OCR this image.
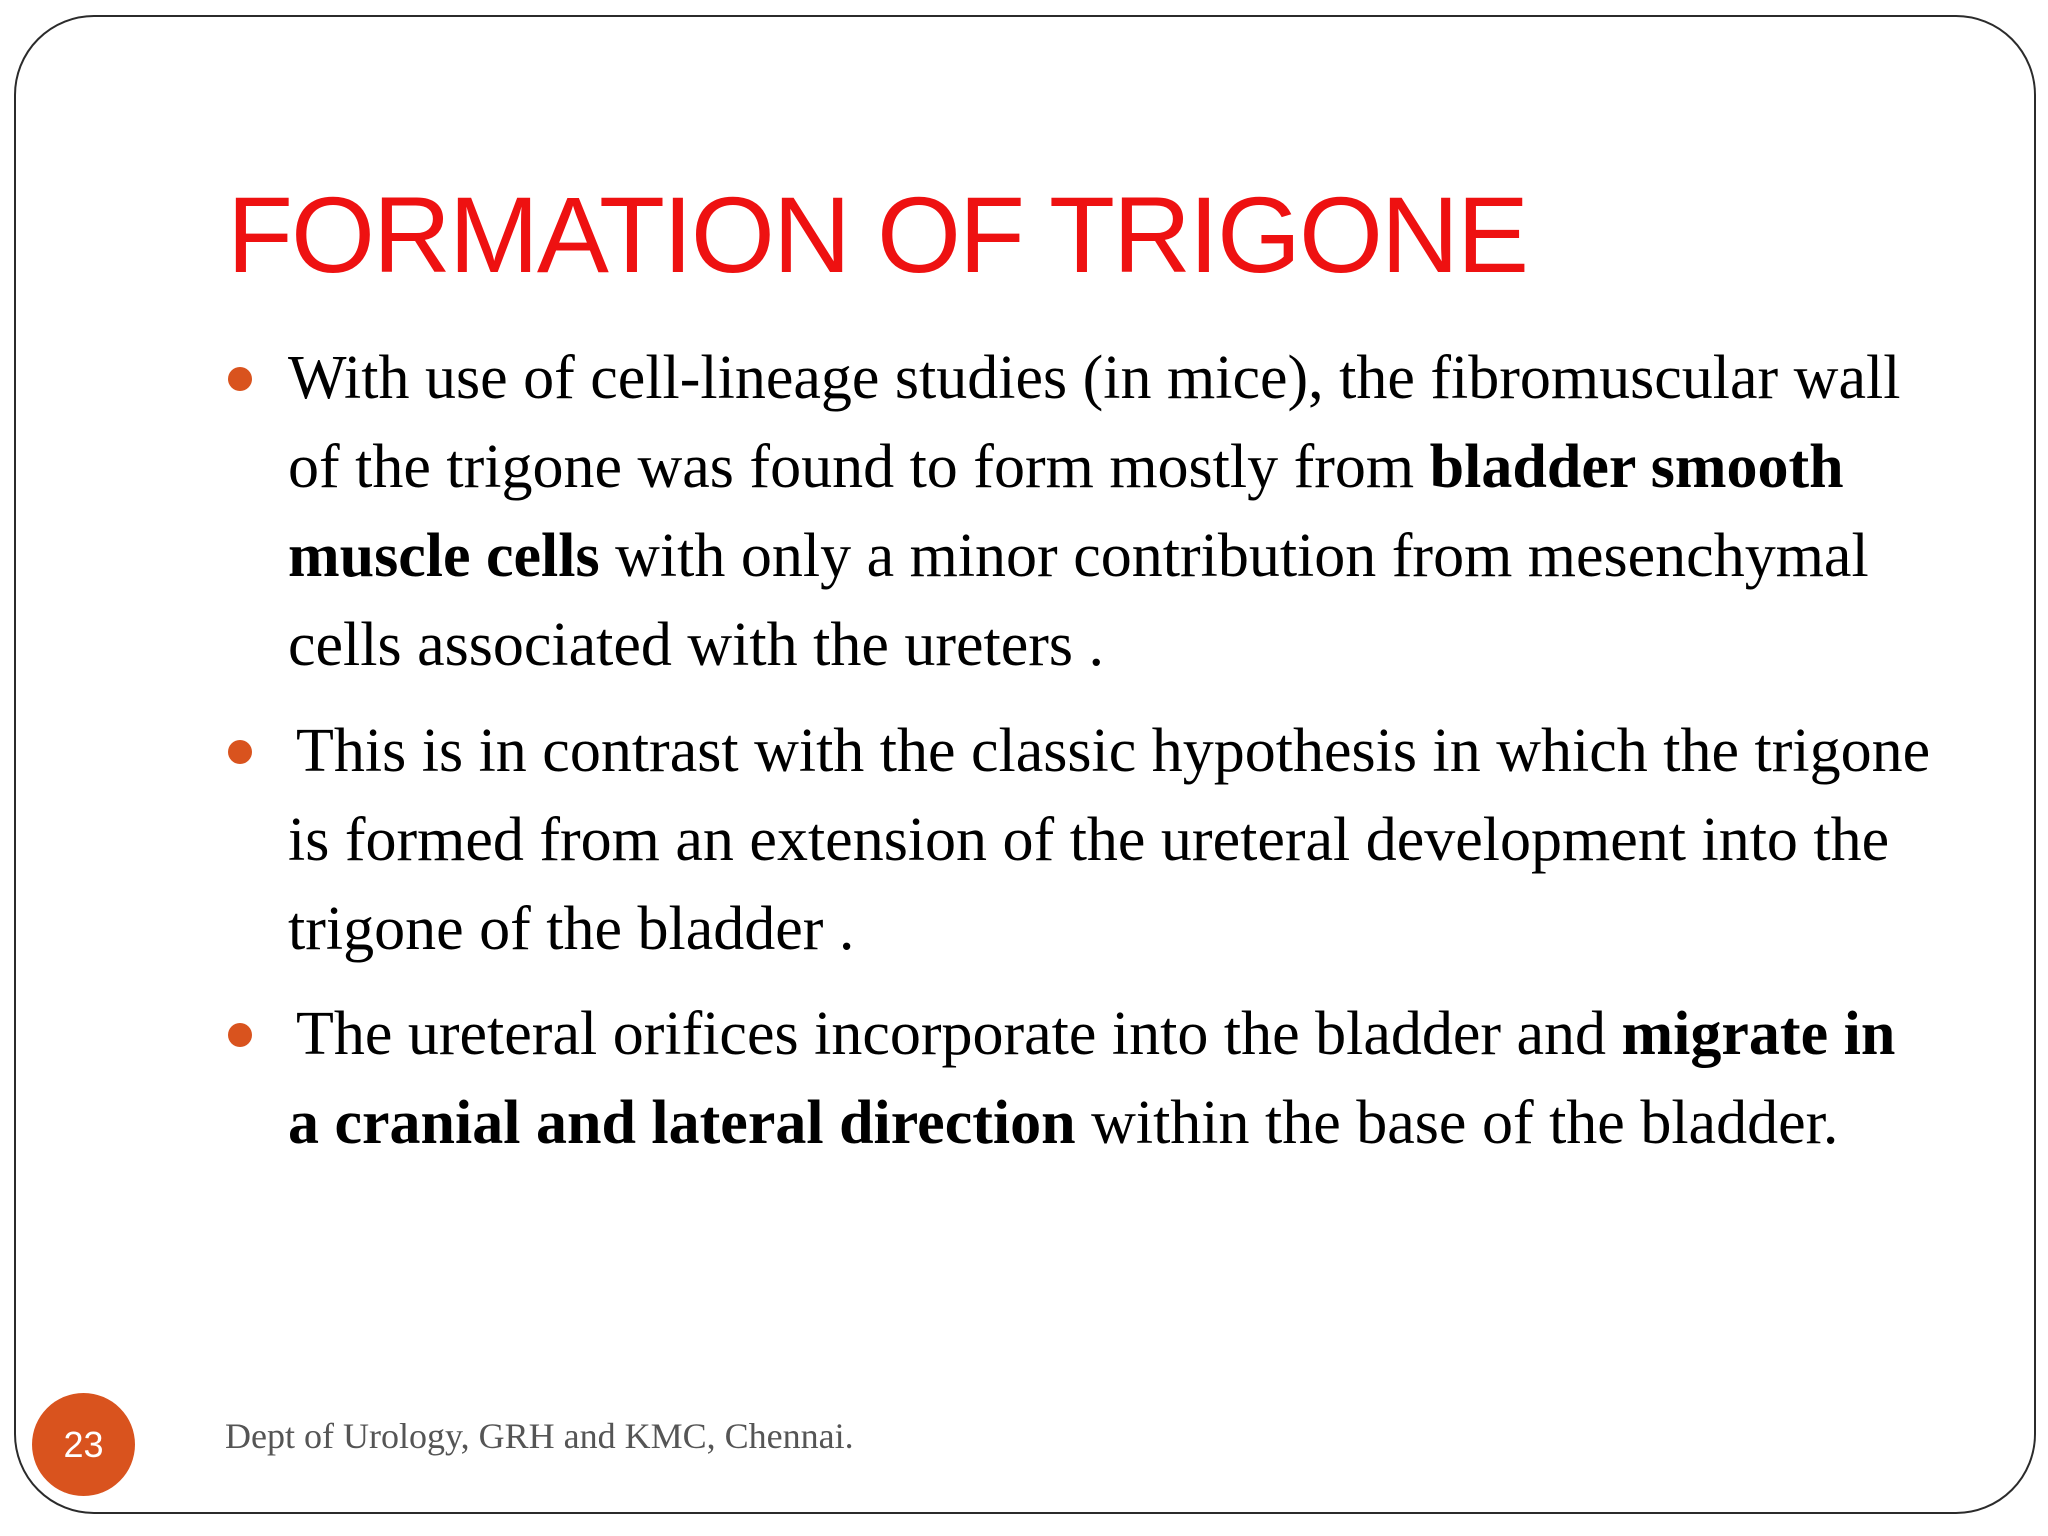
FORMATION OF TRIGONE
With use of cell-lineage studies (in mice), the fibromuscular wall of the trigone was found to form mostly from bladder smooth muscle cells with only a minor contribution from mesenchymal cells associated with the ureters .
This is in contrast with the classic hypothesis in which the trigone is formed from an extension of the ureteral development into the trigone of the bladder .
The ureteral orifices incorporate into the bladder and migrate in a cranial and lateral direction within the base of the bladder.
23	Dept of Urology, GRH and KMC, Chennai.
